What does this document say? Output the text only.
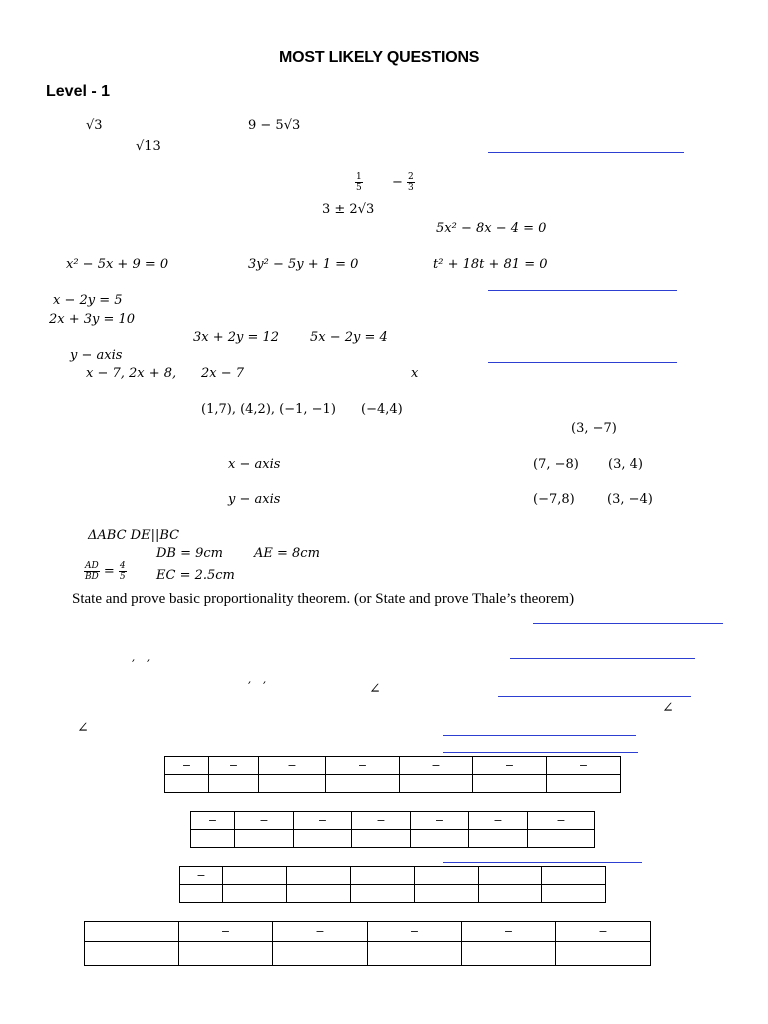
MOST LIKELY QUESTIONS
Level - 1
√3	9 − 5√3
√13
$\frac{1}{5} - \frac{2}{3}$
3 ± 2√3
5x² − 8x − 4 = 0
x² − 5x + 9 = 0	3y² − 5y + 1 = 0	t² + 18t + 81 = 0
x − 2y = 5
2x + 3y = 10
3x + 2y = 12 5x − 2y = 4
y − axis
x − 7, 2x + 8, 2x − 7	x
(1,7), (4,2), (−1, −1) (−4,4)
(3, −7)
x − axis	(7, −8) (3, 4)
y − axis	(−7,8) (3, −4)
ΔABC DE||BC
DB = 9cm AE = 8cm
$\frac{AD}{BD} = \frac{4}{5}$ EC = 2.5cm
State and prove basic proportionality theorem. (or State and prove Thale’s theorem)
′ ′
′ ′	∠
∠
∠
−	−	−	−	−	−	−

−	−	−	−	−	−	−

−						

	−	−	−	−	−
